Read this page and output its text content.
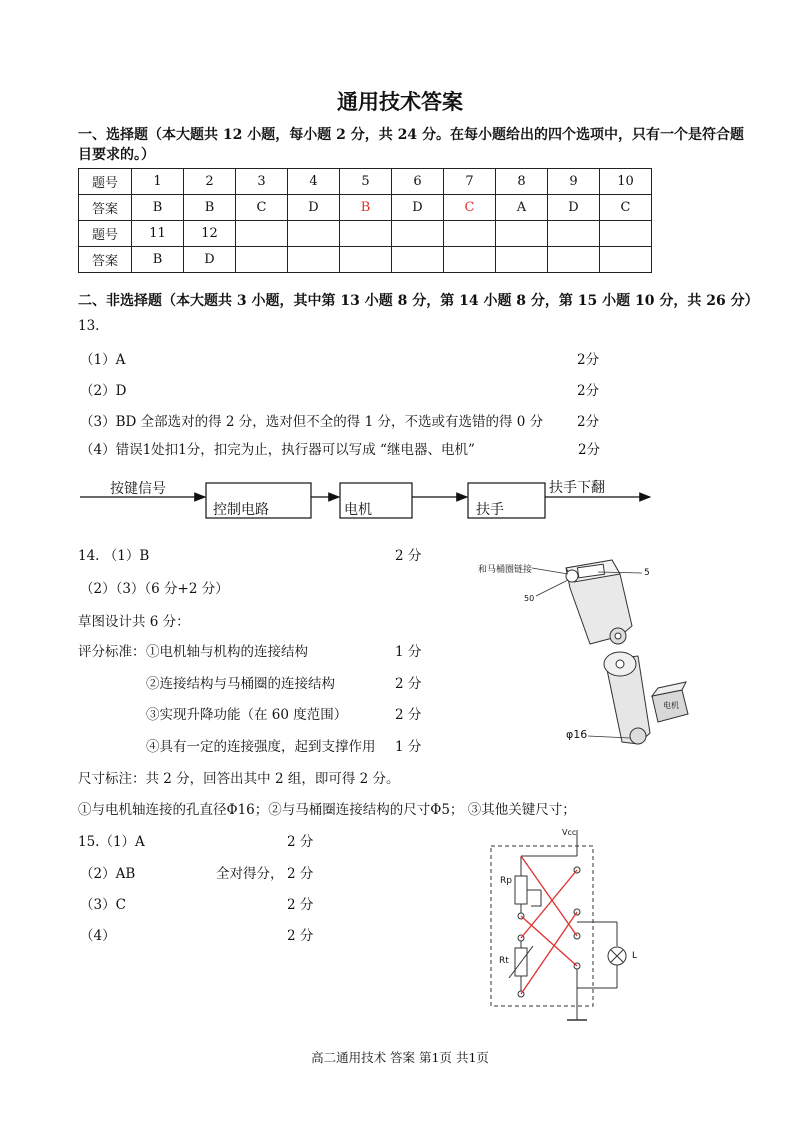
通用技术答案
一、选择题（本大题共 12 小题，每小题 2 分，共 24 分。在每小题给出的四个选项中，只有一个是符合题
目要求的。）
题号	1	2	3	4	5	6	7	8	9	10
答案	B	B	C	D	B	D	C	A	D	C
题号	11	12								
答案	B	D								
二、非选择题（本大题共 3 小题，其中第 13 小题 8 分，第 14 小题 8 分，第 15 小题 10 分，共 26 分）
13.
（1）A	2分
（2）D	2分
（3）BD 全部选对的得 2 分，选对但不全的得 1 分，不选或有选错的得 0 分	2分
（4）错误1处扣1分，扣完为止，执行器可以写成 “继电器、电机”	2分
按键信号
控制电路	电机	扶手
扶手下翻
14. （1）B	2 分
（2）（3）（6 分+2 分）
草图设计共 6 分：
评分标准： ①电机轴与机构的连接结构	1 分
②连接结构与马桶圈的连接结构	2 分
③实现升降功能（在 60 度范围）	2 分
④具有一定的连接强度，起到支撑作用 1 分
尺寸标注：共 2 分，回答出其中 2 组，即可得 2 分。
①与电机轴连接的孔直径Φ16；②与马桶圈连接结构的尺寸Φ5； ③其他关键尺寸；
和马桶圈链接	5
50
φ16
电机
15.（1）A	2 分
（2）AB	全对得分， 2 分
（3）C	2 分
（4）	2 分
Vcc
Rp
Rt	L
高二通用技术 答案 第1页 共1页
